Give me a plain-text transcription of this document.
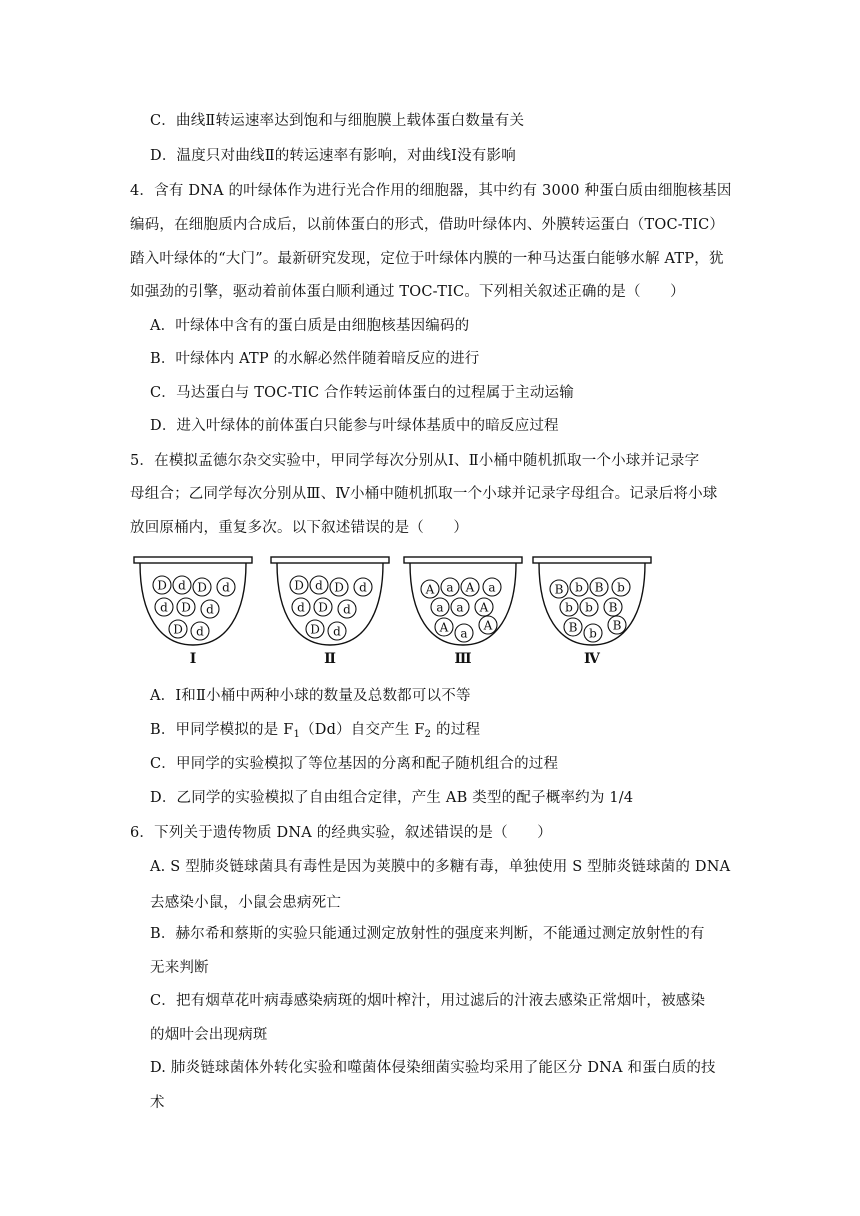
C．曲线Ⅱ转运速率达到饱和与细胞膜上载体蛋白数量有关
D．温度只对曲线Ⅱ的转运速率有影响，对曲线Ⅰ没有影响
4．含有 DNA 的叶绿体作为进行光合作用的细胞器，其中约有 3000 种蛋白质由细胞核基因
编码，在细胞质内合成后，以前体蛋白的形式，借助叶绿体内、外膜转运蛋白（TOC-TIC）
踏入叶绿体的“大门”。最新研究发现，定位于叶绿体内膜的一种马达蛋白能够水解 ATP，犹
如强劲的引擎，驱动着前体蛋白顺利通过 TOC-TIC。下列相关叙述正确的是（　　）
A．叶绿体中含有的蛋白质是由细胞核基因编码的
B．叶绿体内 ATP 的水解必然伴随着暗反应的进行
C．马达蛋白与 TOC-TIC 合作转运前体蛋白的过程属于主动运输
D．进入叶绿体的前体蛋白只能参与叶绿体基质中的暗反应过程
5．在模拟孟德尔杂交实验中，甲同学每次分别从Ⅰ、Ⅱ小桶中随机抓取一个小球并记录字
母组合；乙同学每次分别从Ⅲ、Ⅳ小桶中随机抓取一个小球并记录字母组合。记录后将小球
放回原桶内，重复多次。以下叙述错误的是（　　）
D d D d
d D d
D d
Ⅰ
D d D d
d D d
D d
Ⅱ
A a A a
a a A
A a
A
Ⅲ
B b B b
b b B
B b
B
Ⅳ
A．Ⅰ和Ⅱ小桶中两种小球的数量及总数都可以不等
B．甲同学模拟的是 $F_1(Dd)$自交产生 $F_2$ 的过程
C．甲同学的实验模拟了等位基因的分离和配子随机组合的过程
D．乙同学的实验模拟了自由组合定律，产生 AB 类型的配子概率约为 1/4
6．下列关于遗传物质 DNA 的经典实验，叙述错误的是（　　）
A. S 型肺炎链球菌具有毒性是因为荚膜中的多糖有毒，单独使用 S 型肺炎链球菌的 DNA
去感染小鼠，小鼠会患病死亡
B．赫尔希和蔡斯的实验只能通过测定放射性的强度来判断，不能通过测定放射性的有
无来判断
C．把有烟草花叶病毒感染病斑的烟叶榨汁，用过滤后的汁液去感染正常烟叶，被感染
的烟叶会出现病斑
D. 肺炎链球菌体外转化实验和噬菌体侵染细菌实验均采用了能区分 DNA 和蛋白质的技
术
